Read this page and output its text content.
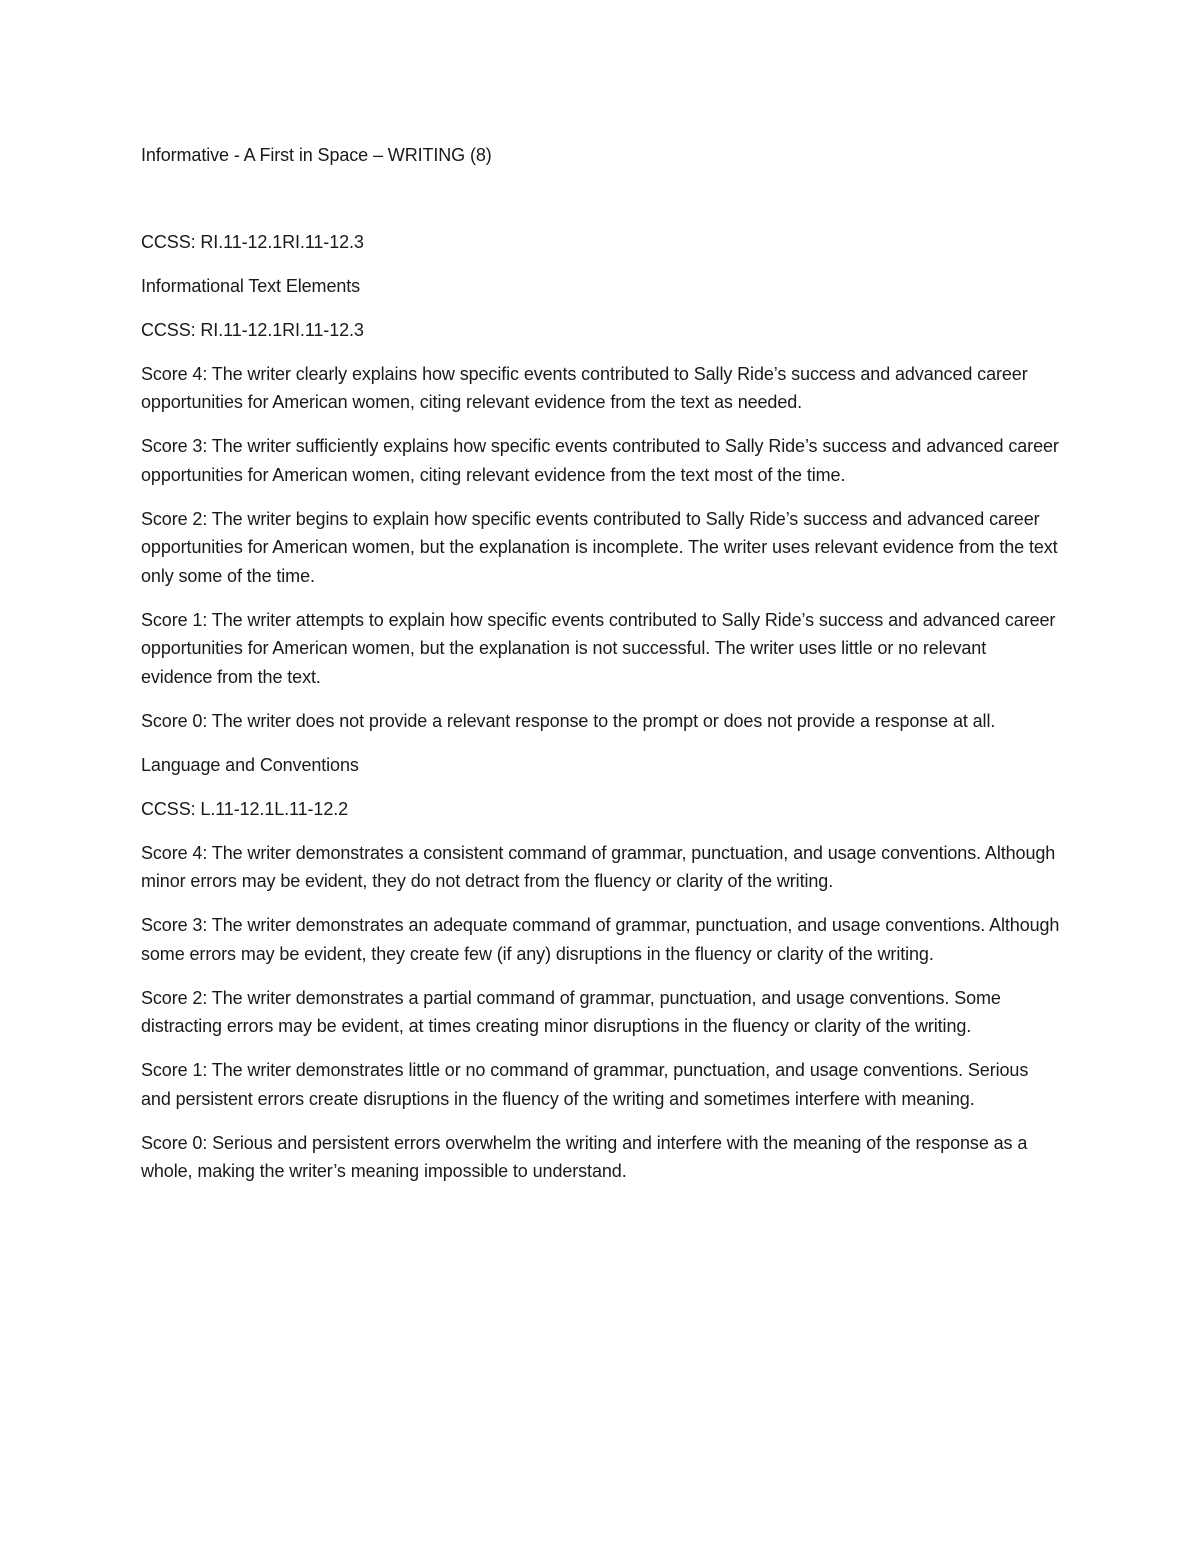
Informative - A First in Space – WRITING (8)

CCSS: RI.11-12.1RI.11-12.3

Informational Text Elements

CCSS: RI.11-12.1RI.11-12.3

Score 4: The writer clearly explains how specific events contributed to Sally Ride’s success and advanced career opportunities for American women, citing relevant evidence from the text as needed.

Score 3: The writer sufficiently explains how specific events contributed to Sally Ride’s success and advanced career opportunities for American women, citing relevant evidence from the text most of the time.

Score 2: The writer begins to explain how specific events contributed to Sally Ride’s success and advanced career opportunities for American women, but the explanation is incomplete. The writer uses relevant evidence from the text only some of the time.

Score 1: The writer attempts to explain how specific events contributed to Sally Ride’s success and advanced career opportunities for American women, but the explanation is not successful. The writer uses little or no relevant evidence from the text.

Score 0: The writer does not provide a relevant response to the prompt or does not provide a response at all.

Language and Conventions

CCSS: L.11-12.1L.11-12.2

Score 4: The writer demonstrates a consistent command of grammar, punctuation, and usage conventions. Although minor errors may be evident, they do not detract from the fluency or clarity of the writing.

Score 3: The writer demonstrates an adequate command of grammar, punctuation, and usage conventions. Although some errors may be evident, they create few (if any) disruptions in the fluency or clarity of the writing.

Score 2: The writer demonstrates a partial command of grammar, punctuation, and usage conventions. Some distracting errors may be evident, at times creating minor disruptions in the fluency or clarity of the writing.

Score 1: The writer demonstrates little or no command of grammar, punctuation, and usage conventions. Serious and persistent errors create disruptions in the fluency of the writing and sometimes interfere with meaning.

Score 0: Serious and persistent errors overwhelm the writing and interfere with the meaning of the response as a whole, making the writer’s meaning impossible to understand.
